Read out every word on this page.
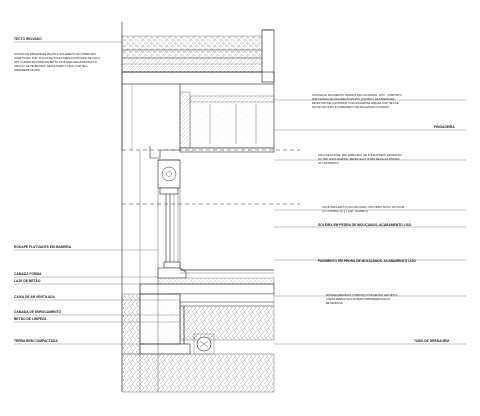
TECTO RELVADO
SISTEMA DE IMPERMEABILIZAÇÃO E ISOLAMENTO DE COBERTURA,
CONSTITUIDO POR: PLACAS DE POLIESTIRENO EXTRUDIDO DE 100mm
XPS, CAMADA DE FORMA EM BETÃO LEVE PARA REGULARIZAÇÃO E
CRIAÇÃO DE PENDENTES, REVESTIMENTO FINAL COM TELA
IMPERMEABILIZANTE
SISTEMA DE ISOLAMENTO TÉRMICO PELO EXTERIOR - ETIC - COMPOSTO
POR CAMADA DE ISOLAMENTO EM EPS COM 80mm DE ESPESSURA
REVESTIDO PELO EXTERIOR COM ARGAMASSA ARMADA COM TELA DE
TECIDO DE VIDRO E ACABAMENTO EM ARGAMASSA COLORIDA
PINGADEIRA
CAIXA DE ESTORE, PRÉ-FABRICADA, EM POLIESTIRENO EXPANDIDO,
DO TIPO 'ROCK EUROPE', REVESTIDA À CHAPA METÁLICA PINTADA
NA COR BRANCO
CAIXILHARIA EM PVC NA COR CINZA, COM VIDRO DUPLO SKCOLOR
(U = 2.00 W/m².C); g = 0.40 ; CLASSE 4)
SOLEIRA EM PEDRA DE MOLIÇANOS, ACABAMENTO LISO
PAVIMENTO EM PEDRA DE MOLIÇANOS, ACABAMENTO LISO
SISTEMA DRENANTE COMPOSTO POR FELTRO GEOTÊXTIL,
LAMINA DRENANTE E SISTEMA IMPERMEABILIZANTE
BETUMINOSO
TUBO DE DRENAGEM
RODAPÉ FLUTUANTE EM MADEIRA
CAMADA FORMA
LAJE DE BETÃO
CAIXA DE AR VENTILADA
CAMADA DE ENROCAMENTO
BETÃO DE LIMPEZA
TERRA BEM COMPACTADA
